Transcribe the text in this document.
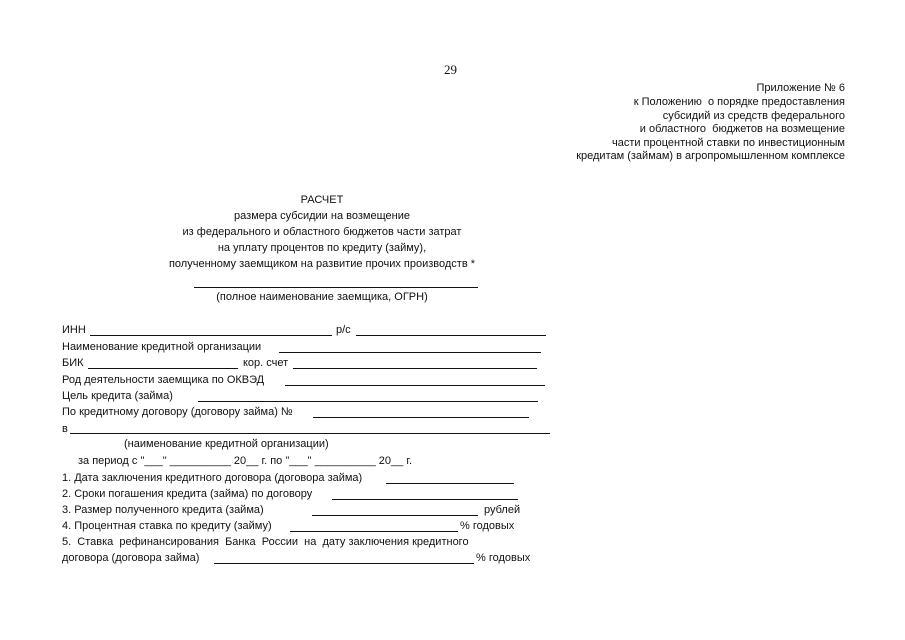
29
Приложение № 6
к Положению  о порядке предоставления
субсидий из средств федерального
и областного  бюджетов на возмещение
части процентной ставки по инвестиционным
кредитам (займам) в агропромышленном комплексе
РАСЧЕТ
размера субсидии на возмещение
из федерального и областного бюджетов части затрат
на уплату процентов по кредиту (займу),
полученному заемщиком на развитие прочих производств *
(полное наименование заемщика, ОГРН)
ИНН	р/с
Наименование кредитной организации
БИК	кор. счет
Род деятельности заемщика по ОКВЭД
Цель кредита (займа)
По кредитному договору (договору займа) №
в
(наименование кредитной организации)
за период с "___" __________ 20__ г. по "___" __________ 20__ г.
1. Дата заключения кредитного договора (договора займа)
2. Сроки погашения кредита (займа) по договору
3. Размер полученного кредита (займа)	рублей
4. Процентная ставка по кредиту (займу)	% годовых
5.  Ставка  рефинансирования  Банка  России  на  дату заключения кредитного
договора (договора займа)	% годовых
